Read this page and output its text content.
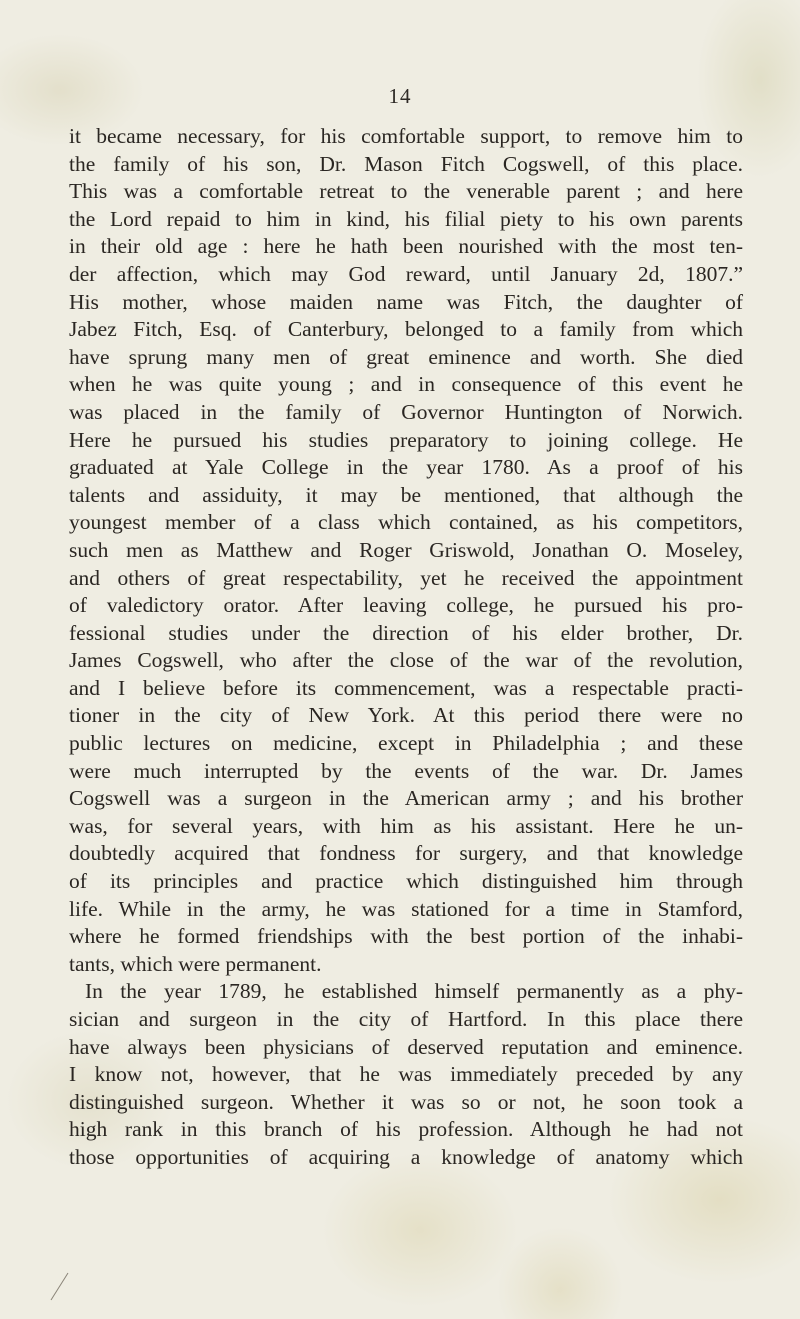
14
it became necessary, for his comfortable support, to remove him to
the family of his son, Dr. Mason Fitch Cogswell, of this place.
This was a comfortable retreat to the venerable parent ; and here
the Lord repaid to him in kind, his filial piety to his own parents
in their old age : here he hath been nourished with the most ten-
der affection, which may God reward, until January 2d, 1807.”
His mother, whose maiden name was Fitch, the daughter of
Jabez Fitch, Esq. of Canterbury, belonged to a family from which
have sprung many men of great eminence and worth. She died
when he was quite young ; and in consequence of this event he
was placed in the family of Governor Huntington of Norwich.
Here he pursued his studies preparatory to joining college. He
graduated at Yale College in the year 1780. As a proof of his
talents and assiduity, it may be mentioned, that although the
youngest member of a class which contained, as his competitors,
such men as Matthew and Roger Griswold, Jonathan O. Moseley,
and others of great respectability, yet he received the appointment
of valedictory orator. After leaving college, he pursued his pro-
fessional studies under the direction of his elder brother, Dr.
James Cogswell, who after the close of the war of the revolution,
and I believe before its commencement, was a respectable practi-
tioner in the city of New York. At this period there were no
public lectures on medicine, except in Philadelphia ; and these
were much interrupted by the events of the war. Dr. James
Cogswell was a surgeon in the American army ; and his brother
was, for several years, with him as his assistant. Here he un-
doubtedly acquired that fondness for surgery, and that knowledge
of its principles and practice which distinguished him through
life. While in the army, he was stationed for a time in Stamford,
where he formed friendships with the best portion of the inhabi-
tants, which were permanent.
In the year 1789, he established himself permanently as a phy-
sician and surgeon in the city of Hartford. In this place there
have always been physicians of deserved reputation and eminence.
I know not, however, that he was immediately preceded by any
distinguished surgeon. Whether it was so or not, he soon took a
high rank in this branch of his profession. Although he had not
those opportunities of acquiring a knowledge of anatomy which
